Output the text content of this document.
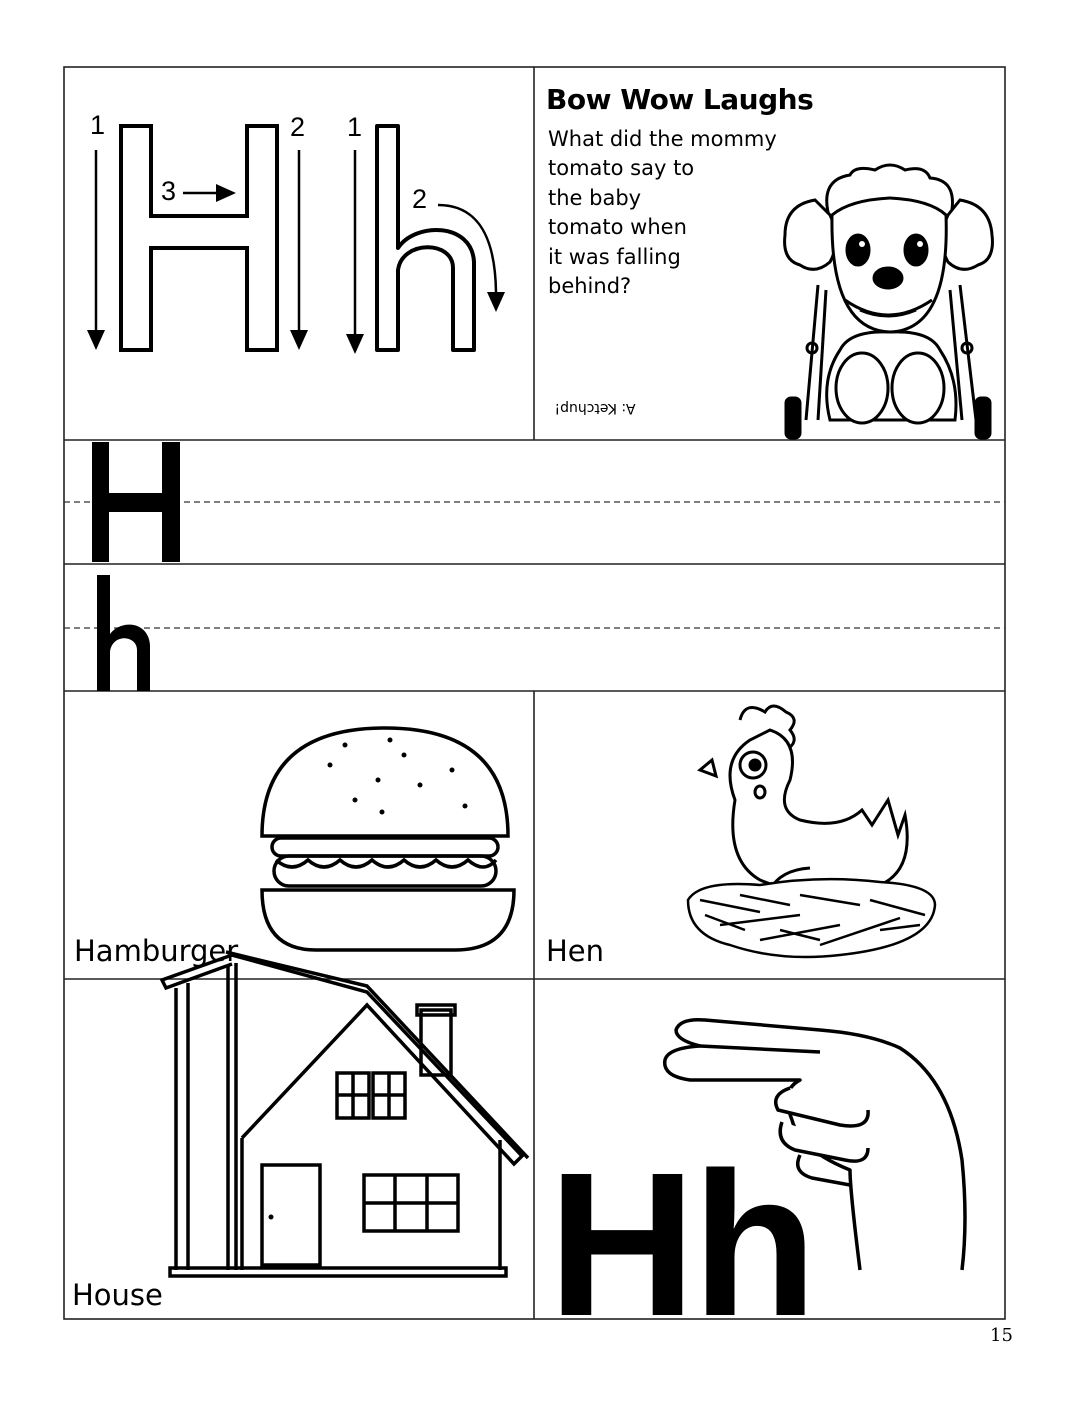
1	2
3
1
2
Bow Wow Laughs
What did the mommy
tomato say to
the baby
tomato when
it was falling
behind?
A: Ketchup!
Hamburger	Hen
House Hh	15
